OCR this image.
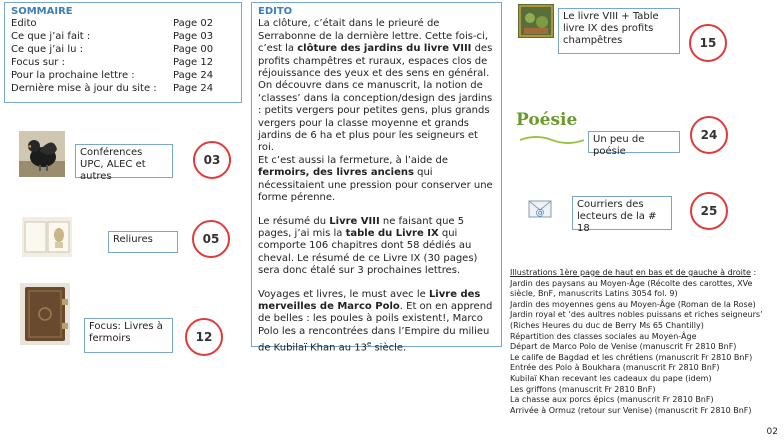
SOMMAIRE
Edito	Page 02
Ce que j’ai fait :	Page 03
Ce que j’ai lu :	Page 00
Focus sur :	Page 12
Pour la prochaine lettre :	Page 24
Dernière mise à jour du site :	Page 24
Conférences UPC, ALEC et autres
03
Reliures	05
Focus: Livres à fermoirs	12
EDITO

La clôture, c’était dans le prieuré de Serrabonne de la dernière lettre. Cette fois-ci, c’est la clôture des jardins du livre VIII des profits champêtres et ruraux, espaces clos de réjouissance des yeux et des sens en général. On découvre dans ce manuscrit, la notion de ‘classes’ dans la conception/design des jardins : petits vergers pour petites gens, plus grands vergers pour la classe moyenne et grands jardins de 6 ha et plus pour les seigneurs et roi.
Et c’est aussi la fermeture, à l’aide de fermoirs, des livres anciens qui nécessitaient une pression pour conserver une forme pérenne.

Le résumé du Livre VIII ne faisant que 5 pages, j’ai mis la table du Livre IX qui comporte 106 chapitres dont 58 dédiés au cheval. Le résumé de ce Livre IX (30 pages) sera donc étalé sur 3 prochaines lettres.

Voyages et livres, le must avec le Livre des merveilles de Marco Polo. Et on en apprend de belles : les poules à poils existent!, Marco Polo les a rencontrées dans l’Empire du milieu de Kubilaï Khan au 13e siècle.

Le livre VIII + Table livre IX des profits champêtres	15
Poésie
Un peu de poésie
24
@
Courriers des lecteurs de la # 18
25
Illustrations 1ère page de haut en bas et de gauche à droite :
Jardin des paysans au Moyen-Âge (Récolte des carottes, XVe siècle, BnF, manuscrits Latins 3054 fol. 9)
Jardin des moyennes gens au Moyen-Âge (Roman de la Rose)
Jardin royal et ‘des aultres nobles puissans et riches seigneurs’ (Riches Heures du duc de Berry Ms 65 Chantilly)
Répartition des classes sociales au Moyen-Âge
Départ de Marco Polo de Venise (manuscrit Fr 2810 BnF)
Le calife de Bagdad et les chrétiens (manuscrit Fr 2810 BnF)
Entrée des Polo à Boukhara (manuscrit Fr 2810 BnF)
Kubilaï Khan recevant les cadeaux du pape (idem)
Les griffons (manuscrit Fr 2810 BnF)
La chasse aux porcs épics (manuscrit Fr 2810 BnF)
Arrivée à Ormuz (retour sur Venise) (manuscrit Fr 2810 BnF)
02
